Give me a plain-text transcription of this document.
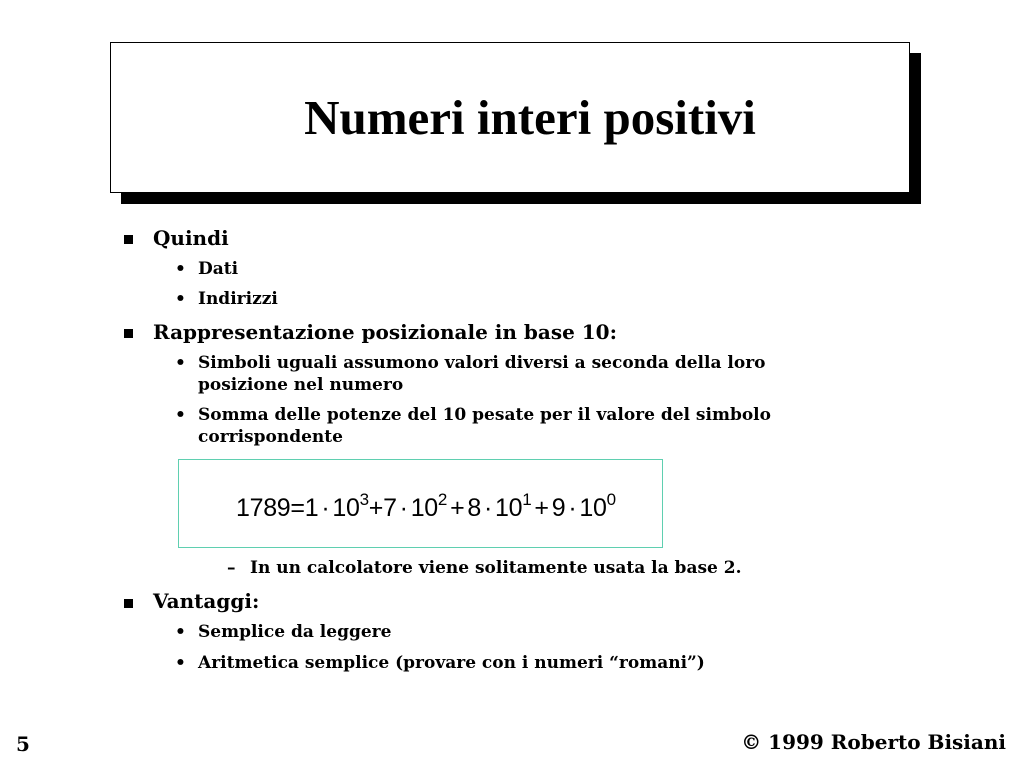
Numeri interi positivi
Quindi
• Dati
• Indirizzi
Rappresentazione posizionale in base 10:
• Simboli uguali assumono valori diversi a seconda della loro
posizione nel numero
• Somma delle potenze del 10 pesate per il valore del simbolo
corrispondente
$1789=1 \cdot 10^3+7 \cdot 10^2 + 8 \cdot 10^1 + 9 \cdot 10^0$
– In un calcolatore viene solitamente usata la base 2.
Vantaggi:
• Semplice da leggere
• Aritmetica semplice (provare con i numeri “romani”)
5	© 1999 Roberto Bisiani
